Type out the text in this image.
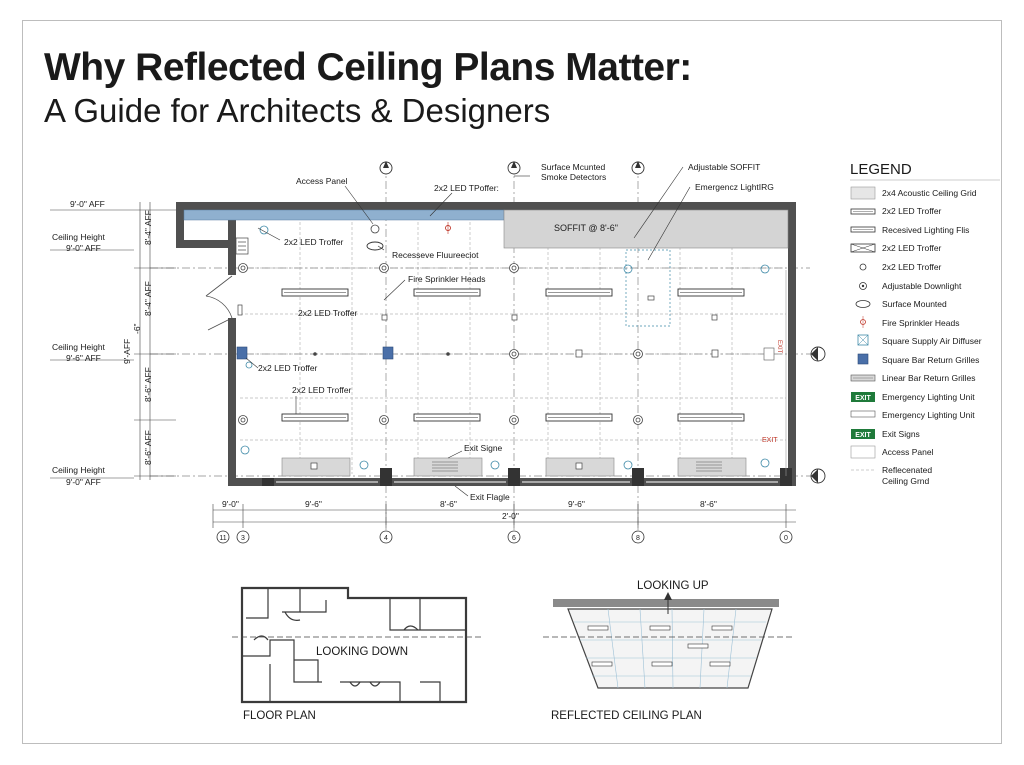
Why Reflected Ceiling Plans Matter:
A Guide for Architects & Designers
SOFFIT @ 8'-6"
EXIT
EXIT
11 3	4	6	8	0
9'-0"	9'-6"	8'-6"	9'-6"	8'-6"
2'-0"
8'-4" AFF
8'-4" AFF
9'-AFF
8'-6" AFF
8'-6" AFF
-6"
9'-0" AFF
Ceiling Height
9'-0" AFF
Ceiling Height
9'-6" AFF
Ceiling Height
9'-0" AFF
Access Panel
2x2 LED TPoffer:
Surface Mcunted
Smoke Detectors
Adjustable SOFFIT
Emergencz LightIRG
2x2 LED Troffer
Recesseve Fluureeciot
Fire Sprinkler Heads
2x2 LED Troffer
2x2 LED Troffer
2x2 LED Troffer
Exit Signe
Exit Flagle
LEGEND
EXIT
EXIT
2x4 Acoustic Ceiling Grid
2x2 LED Troffer
Recesived Lighting Flis
2x2 LED Troffer
2x2 LED Troffer
Adjustable Downlight
Surface Mounted
Fire Sprinkler Heads
Square Supply Air Diffuser
Square Bar Return Grilles
Linear Bar Return Grilles
Emergency Lighting Unit
Emergency Lighting Unit
Exit Signs
Access Panel
Reflecenated
Ceiling Grnd
LOOKING DOWN
FLOOR PLAN
LOOKING UP
REFLECTED CEILING PLAN
